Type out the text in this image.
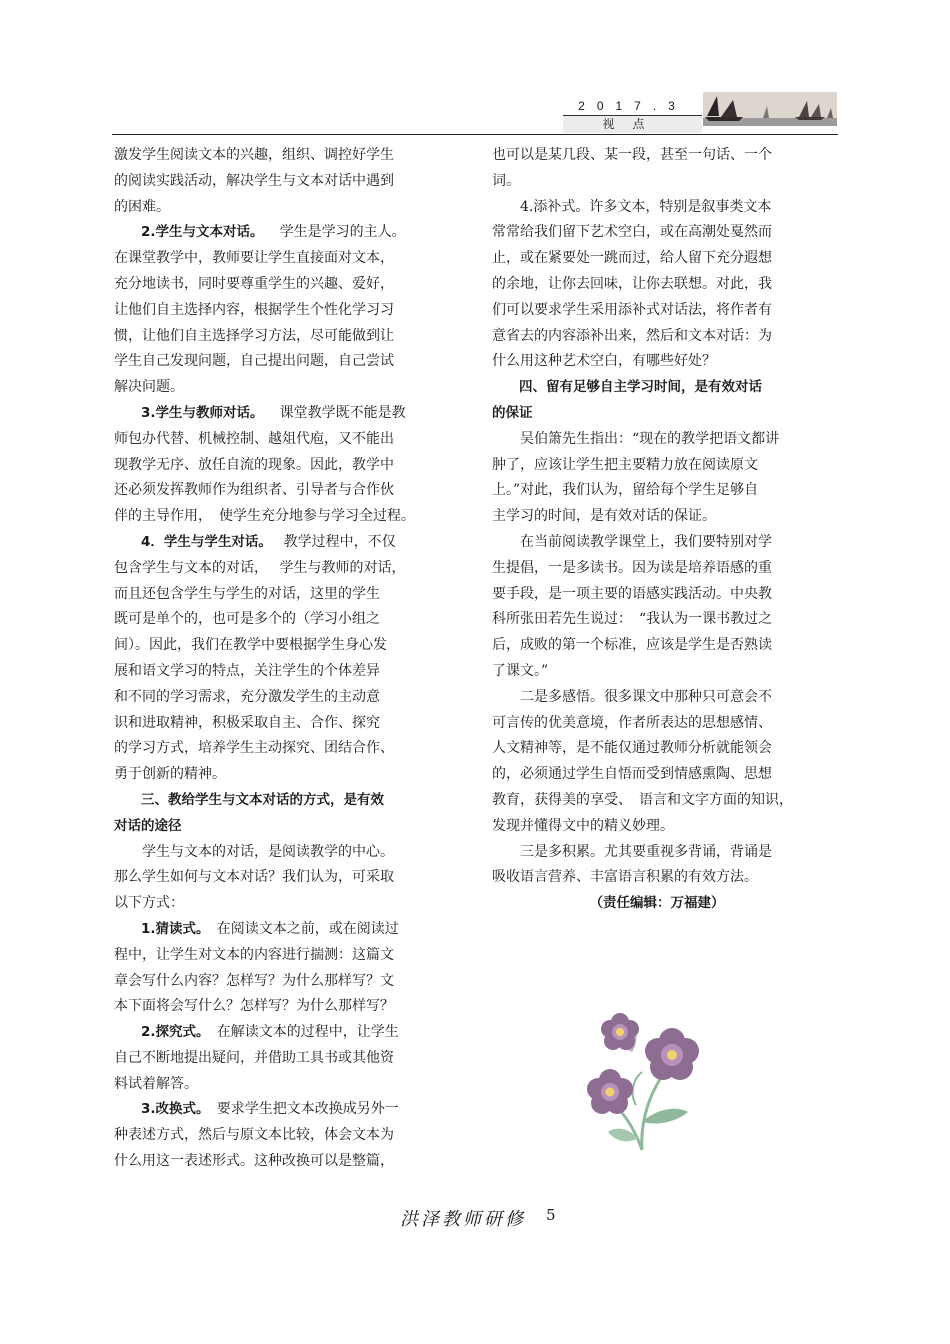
2017.3
视点

激发学生阅读文本的兴趣，组织、调控好学生

的阅读实践活动，解决学生与文本对话中遇到

的困难。

　　2.学生与文本对话。　  学生是学习的主人。

在课堂教学中，教师要让学生直接面对文本，

充分地读书，同时要尊重学生的兴趣、爱好，

让他们自主选择内容，根据学生个性化学习习

惯，让他们自主选择学习方法，尽可能做到让

学生自己发现问题，自己提出问题，自己尝试

解决问题。

　　3.学生与教师对话。　  课堂教学既不能是教

师包办代替、机械控制、越俎代庖，又不能出

现教学无序、放任自流的现象。因此，教学中

还必须发挥教师作为组织者、引导者与合作伙

伴的主导作用，　使学生充分地参与学习全过程。

　　4．学生与学生对话。　 教学过程中，不仅

包含学生与文本的对话，　 学生与教师的对话，

而且还包含学生与学生的对话，这里的学生

既可是单个的，也可是多个的（学习小组之

间）。因此，我们在教学中要根据学生身心发

展和语文学习的特点，关注学生的个体差异

和不同的学习需求，充分激发学生的主动意

识和进取精神，积极采取自主、合作、探究

的学习方式，培养学生主动探究、团结合作、

勇于创新的精神。

　　三、教给学生与文本对话的方式，是有效

对话的途径

　　学生与文本的对话，是阅读教学的中心。

那么学生如何与文本对话？我们认为，可采取

以下方式：

　　1.猜读式。　在阅读文本之前，或在阅读过

程中，让学生对文本的内容进行揣测：这篇文

章会写什么内容？怎样写？为什么那样写？文

本下面将会写什么？怎样写？为什么那样写？

　　2.探究式。　在解读文本的过程中，让学生

自己不断地提出疑问，并借助工具书或其他资

料试着解答。

　　3.改换式。　要求学生把文本改换成另外一

种表述方式，然后与原文本比较，体会文本为

什么用这一表述形式。这种改换可以是整篇，

也可以是某几段、某一段，甚至一句话、一个

词。

　　4.添补式。许多文本，特别是叙事类文本

常常给我们留下艺术空白，或在高潮处戛然而

止，或在紧要处一跳而过，给人留下充分遐想

的余地，让你去回味，让你去联想。对此，我

们可以要求学生采用添补式对话法，将作者有

意省去的内容添补出来，然后和文本对话：为

什么用这种艺术空白，有哪些好处？

　　四、留有足够自主学习时间，是有效对话

的保证

　　吴伯箫先生指出：“现在的教学把语文都讲

肿了，应该让学生把主要精力放在阅读原文

上。”对此，我们认为，留给每个学生足够自

主学习的时间，是有效对话的保证。

　　在当前阅读教学课堂上，我们要特别对学

生提倡，一是多读书。因为读是培养语感的重

要手段，是一项主要的语感实践活动。中央教

科所张田若先生说过：　“我认为一课书教过之

后，成败的第一个标准，应该是学生是否熟读

了课文。”

　　二是多感悟。很多课文中那种只可意会不

可言传的优美意境，作者所表达的思想感情、

人文精神等，是不能仅通过教师分析就能领会

的，必须通过学生自悟而受到情感熏陶、思想

教育，获得美的享受、　语言和文字方面的知识，

发现并懂得文中的精义妙理。

　　三是多积累。尤其要重视多背诵，背诵是

吸收语言营养、丰富语言积累的有效方法。

（责任编辑：万福建）

洪泽教师研修 5
